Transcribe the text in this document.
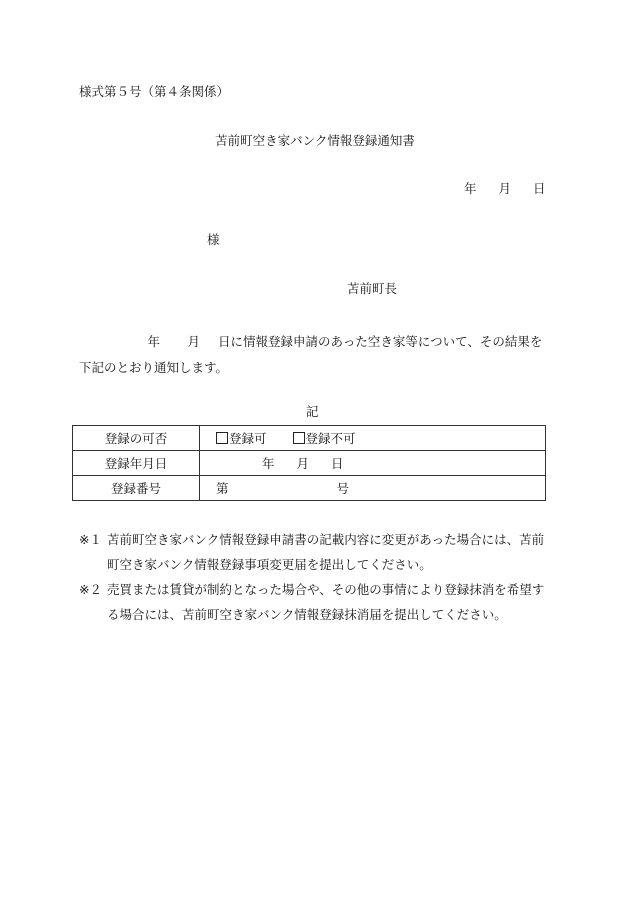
様式第５号（第４条関係）
苫前町空き家バンク情報登録通知書
年 月 日
様
苫前町長
年 月 日に情報登録申請のあった空き家等について、その結果を下記のとおり通知します。
記
登録の可否	登録可 登録不可
登録年月日	年 月 日
登録番号	第 号
※１ 苫前町空き家バンク情報登録申請書の記載内容に変更があった場合には、苫前町空き家バンク情報登録事項変更届を提出してください。
※２ 売買または賃貸が制約となった場合や、その他の事情により登録抹消を希望する場合には、苫前町空き家バンク情報登録抹消届を提出してください。
